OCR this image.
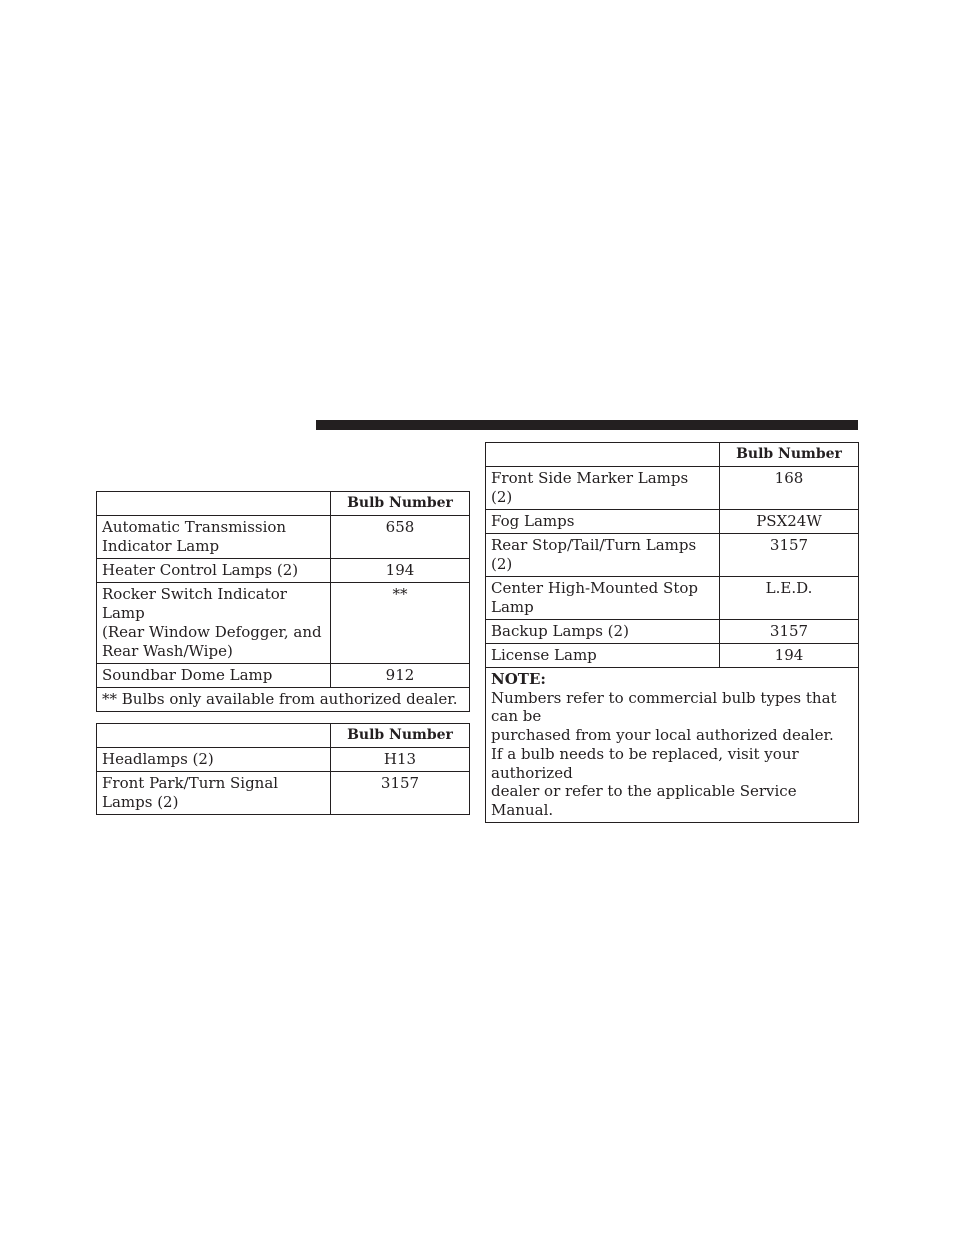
	Bulb Number

Automatic Transmission
Indicator Lamp	658
Heater Control Lamps (2)	194

Rocker Switch Indicator Lamp
(Rear Window Defogger, and
Rear Wash/Wipe)	**
Soundbar Dome Lamp	912
** Bulbs only available from authorized dealer.	
	Bulb Number
Headlamps (2)	H13
Front Park/Turn Signal Lamps (2)	3157
	Bulb Number
Front Side Marker Lamps (2)	168
Fog Lamps	PSX24W
Rear Stop/Tail/Turn Lamps (2)	3157

Center High-Mounted Stop
Lamp	L.E.D.
Backup Lamps (2)	3157
License Lamp	194

NOTE:
Numbers refer to commercial bulb types that can be
purchased from your local authorized dealer.
If a bulb needs to be replaced, visit your authorized
dealer or refer to the applicable Service Manual.	
